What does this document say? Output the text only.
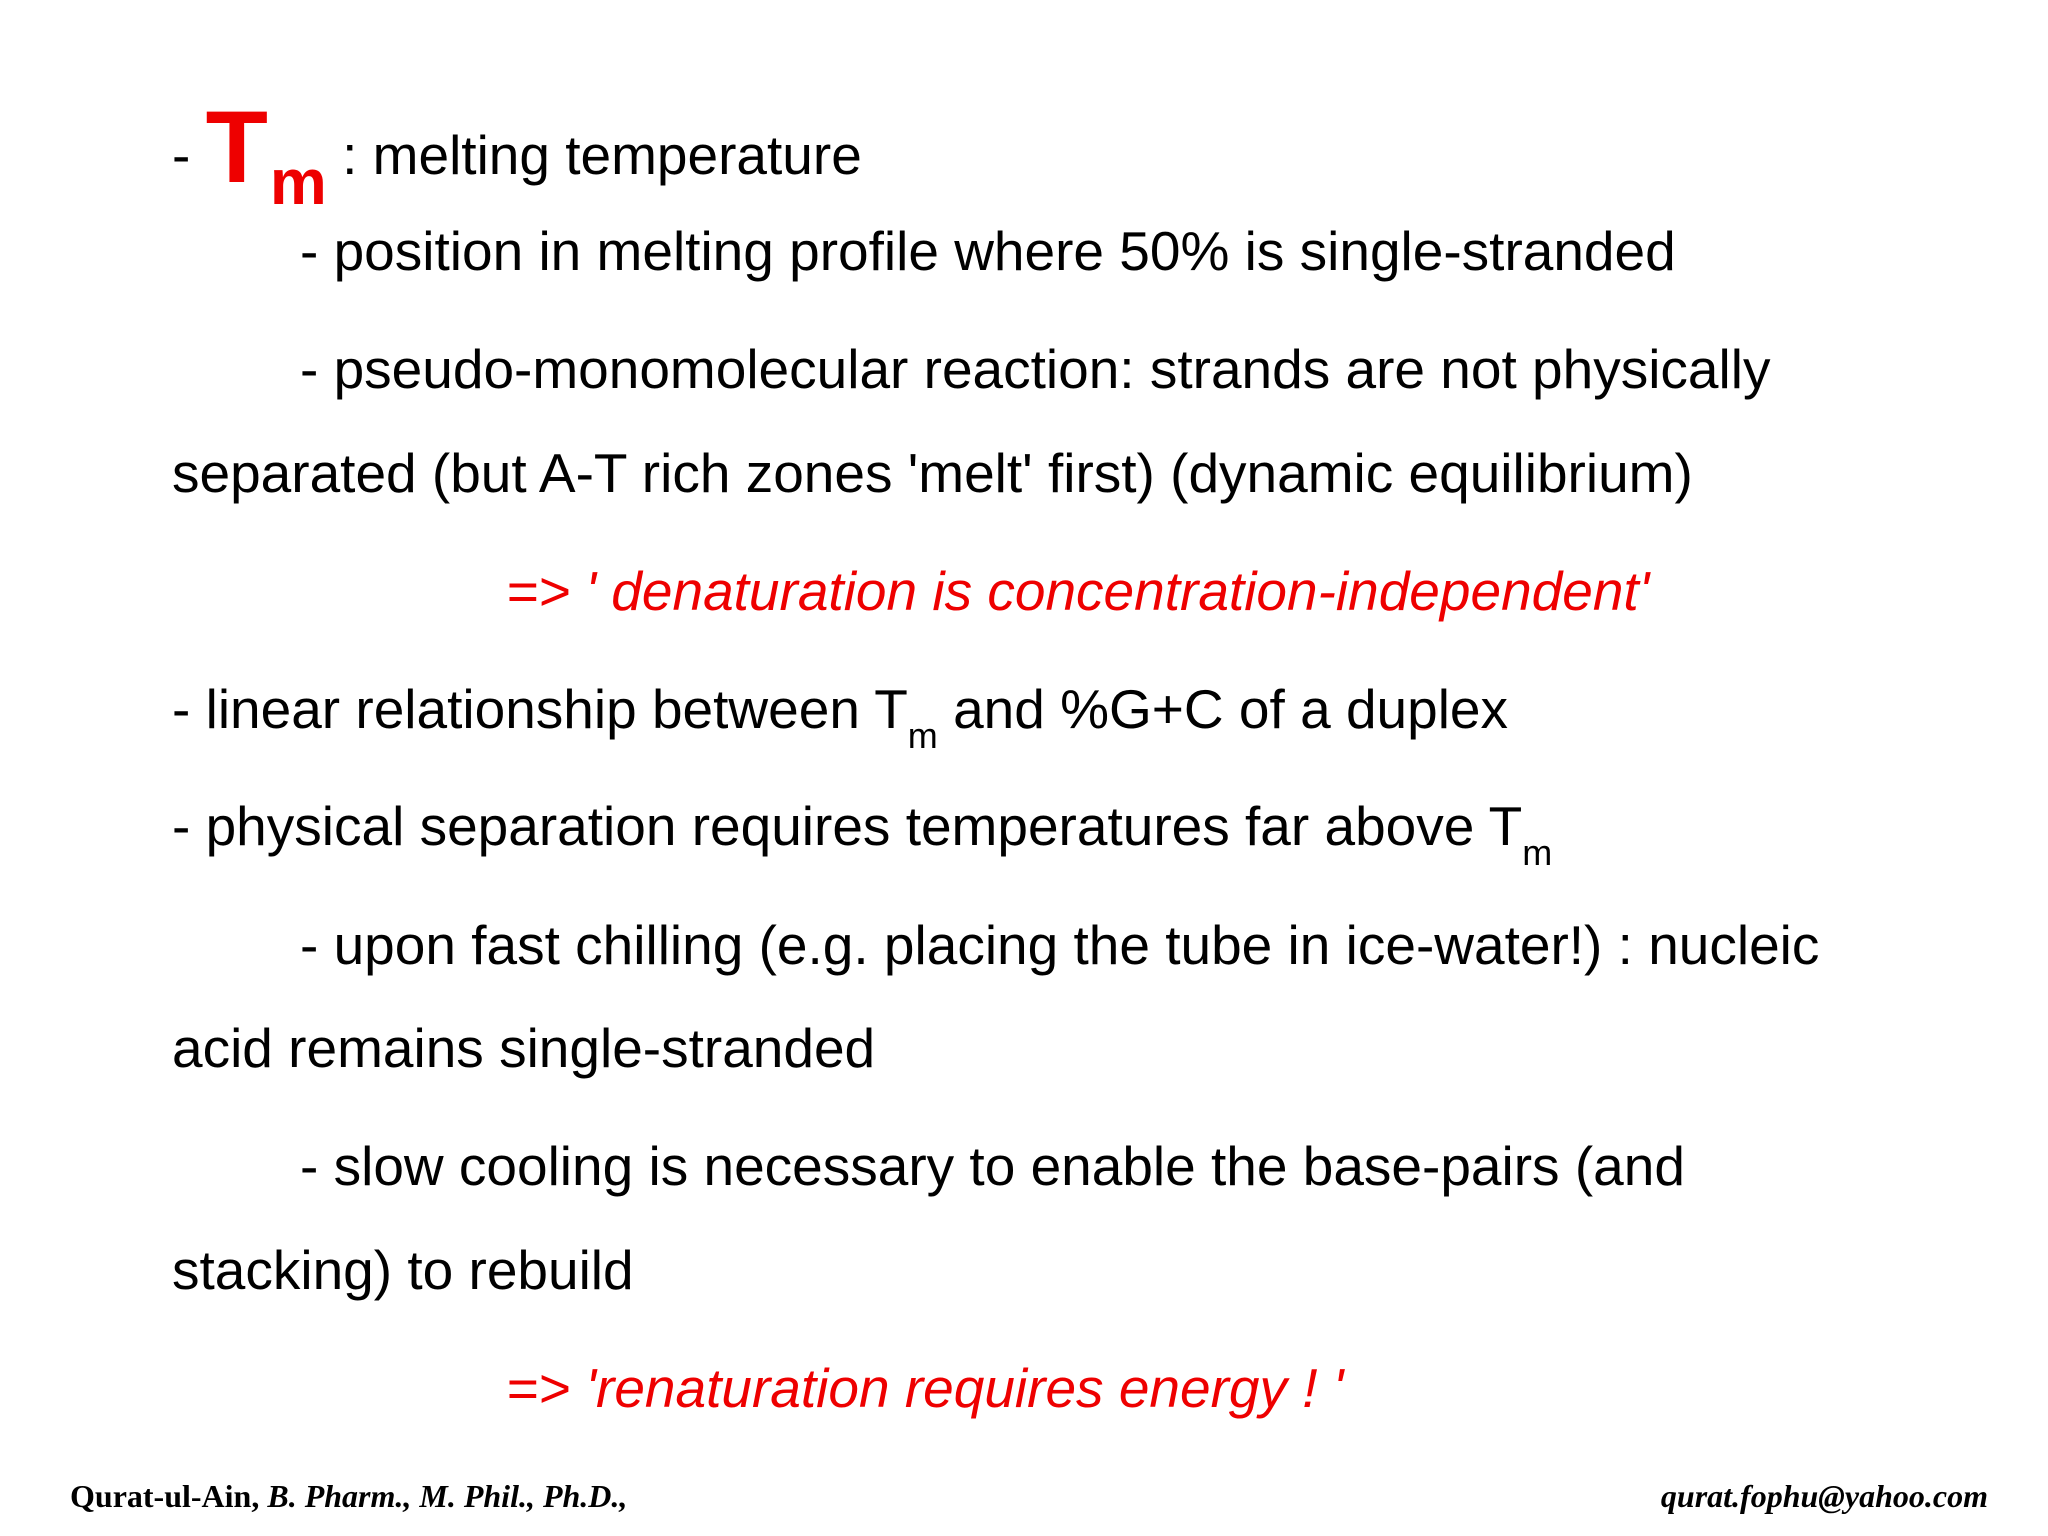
- Tm : melting temperature
- position in melting profile where 50% is single-stranded
- pseudo-monomolecular reaction: strands are not physically
separated (but A-T rich zones 'melt' first) (dynamic equilibrium)
=> ' denaturation is concentration-independent'
- linear relationship between $T_m$ and %G+C of a duplex
- physical separation requires temperatures far above $T_m$
- upon fast chilling (e.g. placing the tube in ice-water!) : nucleic
acid remains single-stranded
- slow cooling is necessary to enable the base-pairs (and
stacking) to rebuild
=> 'renaturation requires energy ! '
Qurat-ul-Ain, B. Pharm., M. Phil., Ph.D.,	qurat.fophu@yahoo.com
